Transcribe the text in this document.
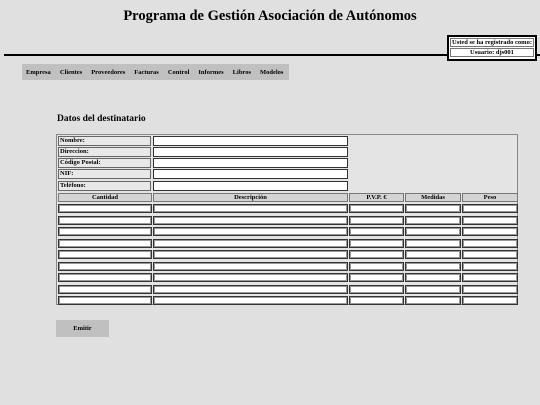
Programa de Gestión Asociación de Autónomos
Usted se ha registrado como:
Usuario: djs001
Empresa Clientes Proveedores Facturas Control Informes Libros Modelos
Datos del destinatario
Nombre:
Direccion:
Código Postal:
NIF:
Teléfono:
Cantidad	Descripción	P.V.P. €	Medidas	Peso
Emitir
